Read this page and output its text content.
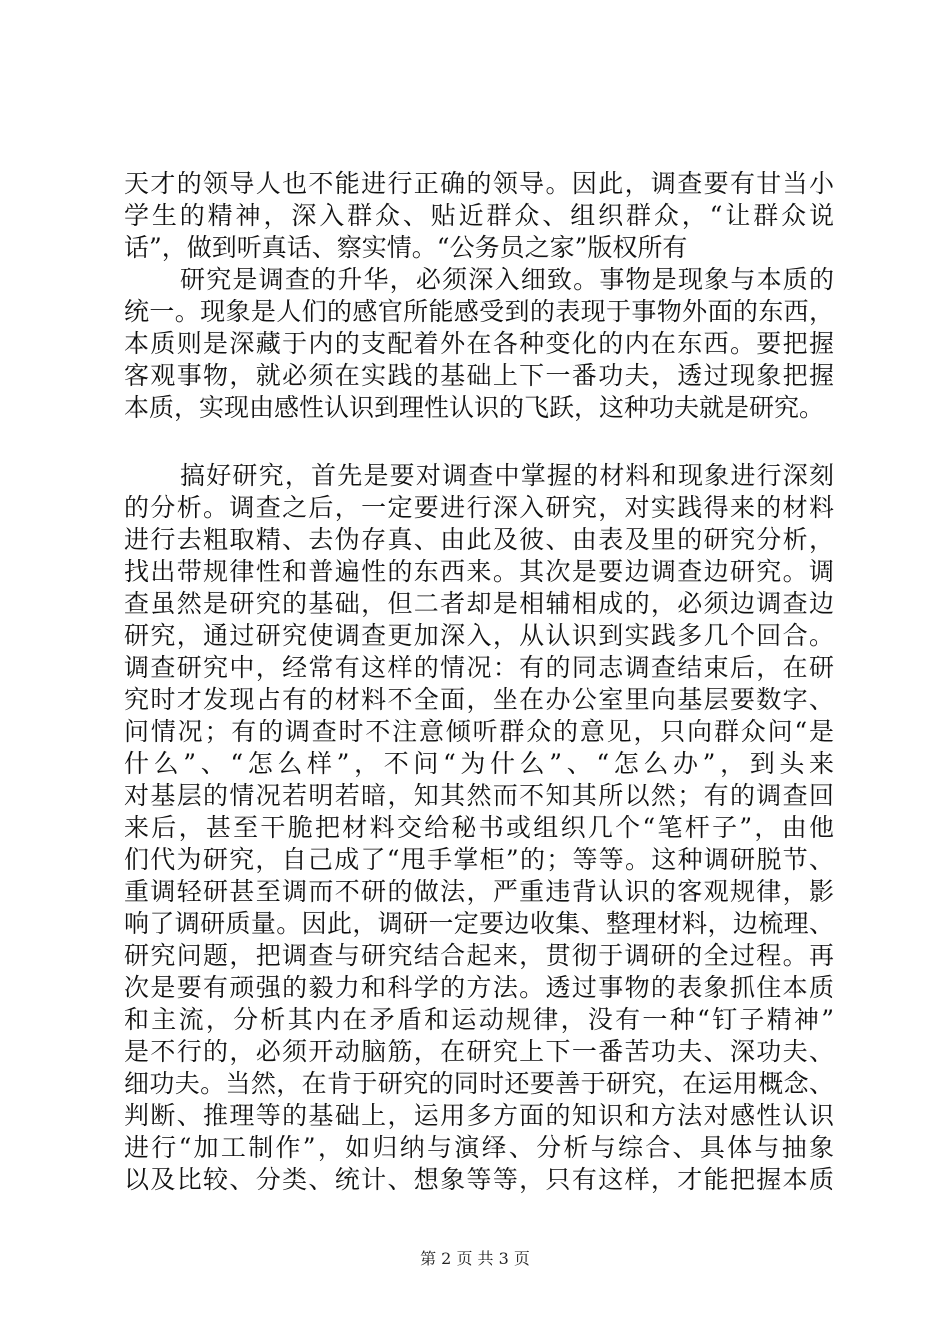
天才的领导人也不能进行正确的领导。因此，调查要有甘当小
学生的精神，深入群众、贴近群众、组织群众，“让群众说
话”，做到听真话、察实情。“公务员之家”版权所有
研究是调查的升华，必须深入细致。事物是现象与本质的
统一。现象是人们的感官所能感受到的表现于事物外面的东西，
本质则是深藏于内的支配着外在各种变化的内在东西。要把握
客观事物，就必须在实践的基础上下一番功夫，透过现象把握
本质，实现由感性认识到理性认识的飞跃，这种功夫就是研究。
搞好研究，首先是要对调查中掌握的材料和现象进行深刻
的分析。调查之后，一定要进行深入研究，对实践得来的材料
进行去粗取精、去伪存真、由此及彼、由表及里的研究分析，
找出带规律性和普遍性的东西来。其次是要边调查边研究。调
查虽然是研究的基础，但二者却是相辅相成的，必须边调查边
研究，通过研究使调查更加深入，从认识到实践多几个回合。
调查研究中，经常有这样的情况：有的同志调查结束后，在研
究时才发现占有的材料不全面，坐在办公室里向基层要数字、
问情况；有的调查时不注意倾听群众的意见，只向群众问“是
什么”、“怎么样”，不问“为什么”、“怎么办”，到头来
对基层的情况若明若暗，知其然而不知其所以然；有的调查回
来后，甚至干脆把材料交给秘书或组织几个“笔杆子”，由他
们代为研究，自己成了“甩手掌柜”的；等等。这种调研脱节、
重调轻研甚至调而不研的做法，严重违背认识的客观规律，影
响了调研质量。因此，调研一定要边收集、整理材料，边梳理、
研究问题，把调查与研究结合起来，贯彻于调研的全过程。再
次是要有顽强的毅力和科学的方法。透过事物的表象抓住本质
和主流，分析其内在矛盾和运动规律，没有一种“钉子精神”
是不行的，必须开动脑筋，在研究上下一番苦功夫、深功夫、
细功夫。当然，在肯于研究的同时还要善于研究，在运用概念、
判断、推理等的基础上，运用多方面的知识和方法对感性认识
进行“加工制作”，如归纳与演绎、分析与综合、具体与抽象
以及比较、分类、统计、想象等等，只有这样，才能把握本质
第 2 页 共 3 页
